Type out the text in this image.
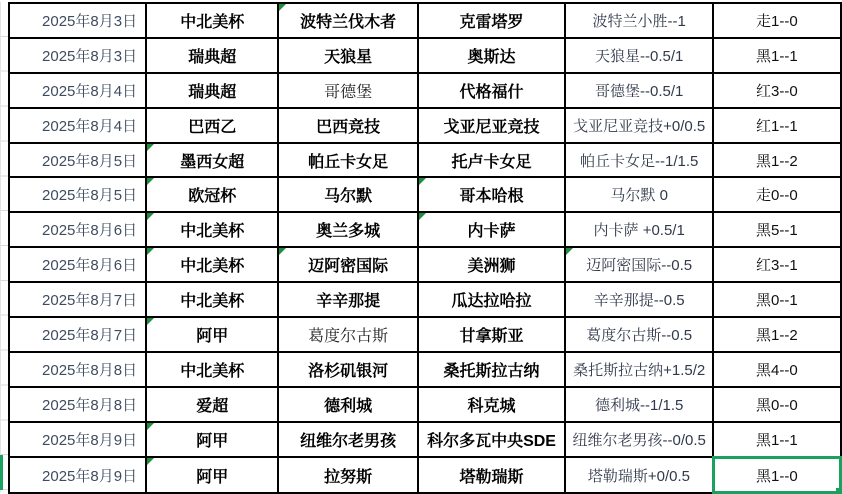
2025年8月3日	中北美杯	波特兰伐木者	克雷塔罗	波特兰小胜--1	走1--0
2025年8月3日	瑞典超	天狼星	奥斯达	天狼星--0.5/1	黑1--1
2025年8月4日	瑞典超	哥德堡	代格福什	哥德堡--0.5/1	红3--0
2025年8月4日	巴西乙	巴西竞技	戈亚尼亚竞技	戈亚尼亚竞技+0/0.5	红1--1
2025年8月5日	墨西女超	帕丘卡女足	托卢卡女足	帕丘卡女足--1/1.5	黑1--2
2025年8月5日	欧冠杯	马尔默	哥本哈根	马尔默 0	走0--0
2025年8月6日	中北美杯	奥兰多城	内卡萨	内卡萨 +0.5/1	黑5--1
2025年8月6日	中北美杯	迈阿密国际	美洲狮	迈阿密国际--0.5	红3--1
2025年8月7日	中北美杯	辛辛那提	瓜达拉哈拉	辛辛那提--0.5	黑0--1
2025年8月7日	阿甲	葛度尔古斯	甘拿斯亚	葛度尔古斯--0.5	黑1--2
2025年8月8日	中北美杯	洛杉矶银河	桑托斯拉古纳	桑托斯拉古纳+1.5/2	黑4--0
2025年8月8日	爱超	德利城	科克城	德利城--1/1.5	黑0--0
2025年8月9日	阿甲	纽维尔老男孩	科尔多瓦中央SDE	纽维尔老男孩--0/0.5	黑1--1
2025年8月9日	阿甲	拉努斯	塔勒瑞斯	塔勒瑞斯+0/0.5	黑1--0
